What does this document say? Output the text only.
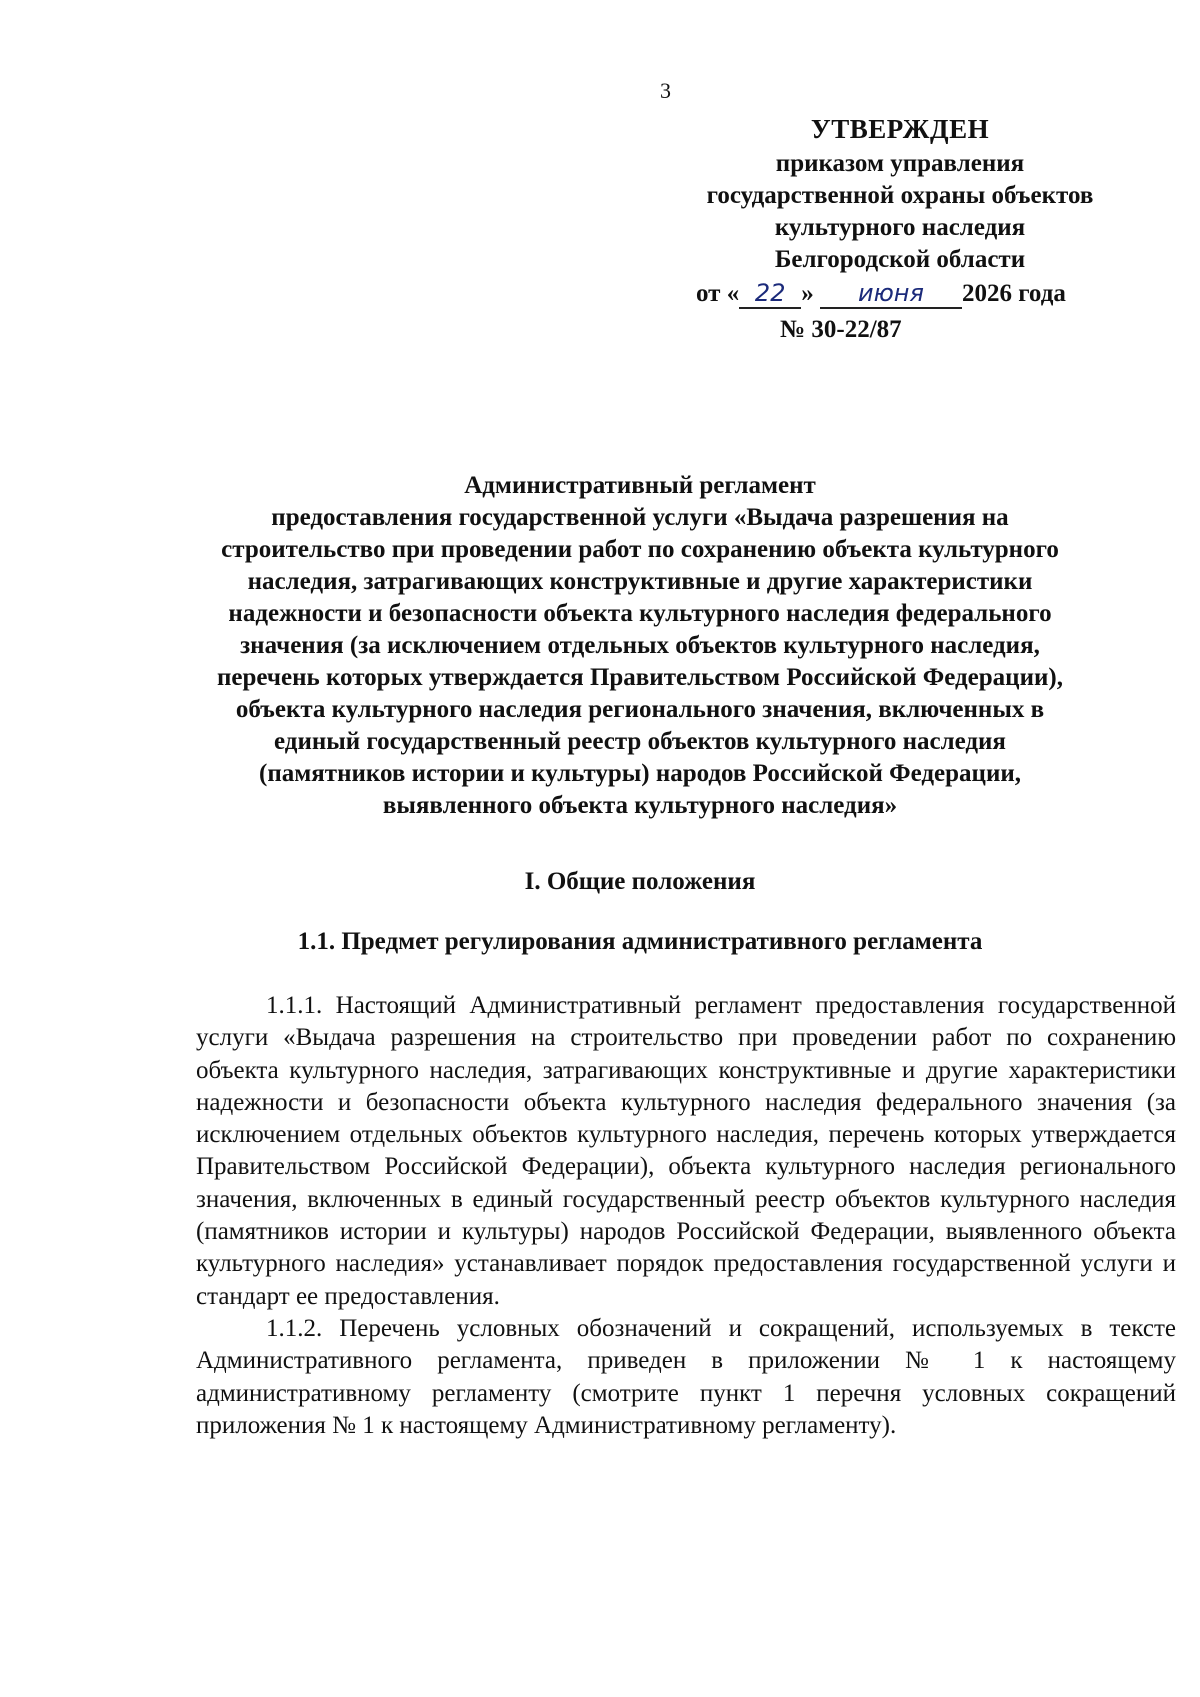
3
УТВЕРЖДЕН
приказом управления
государственной охраны объектов
культурного наследия
Белгородской области
от « 22 » июня 2026 года
№ 30-22/87
Административный регламент
предоставления государственной услуги «Выдача разрешения на
строительство при проведении работ по сохранению объекта культурного
наследия, затрагивающих конструктивные и другие характеристики
надежности и безопасности объекта культурного наследия федерального
значения (за исключением отдельных объектов культурного наследия,
перечень которых утверждается Правительством Российской Федерации),
объекта культурного наследия регионального значения, включенных в
единый государственный реестр объектов культурного наследия
(памятников истории и культуры) народов Российской Федерации,
выявленного объекта культурного наследия»
I. Общие положения
1.1. Предмет регулирования административного регламента

1.1.1. Настоящий Административный регламент предоставления государственной услуги «Выдача разрешения на строительство при проведении работ по сохранению объекта культурного наследия, затрагивающих конструктивные и другие характеристики надежности и безопасности объекта культурного наследия федерального значения (за исключением отдельных объектов культурного наследия, перечень которых утверждается Правительством Российской Федерации), объекта культурного наследия регионального значения, включенных в единый государственный реестр объектов культурного наследия (памятников истории и культуры) народов Российской Федерации, выявленного объекта культурного наследия» устанавливает порядок предоставления государственной услуги и стандарт ее предоставления.

1.1.2. Перечень условных обозначений и сокращений, используемых в тексте Административного регламента, приведен в приложении № 1 к настоящему административному регламенту (смотрите пункт 1 перечня условных сокращений приложения № 1 к настоящему Административному регламенту).
